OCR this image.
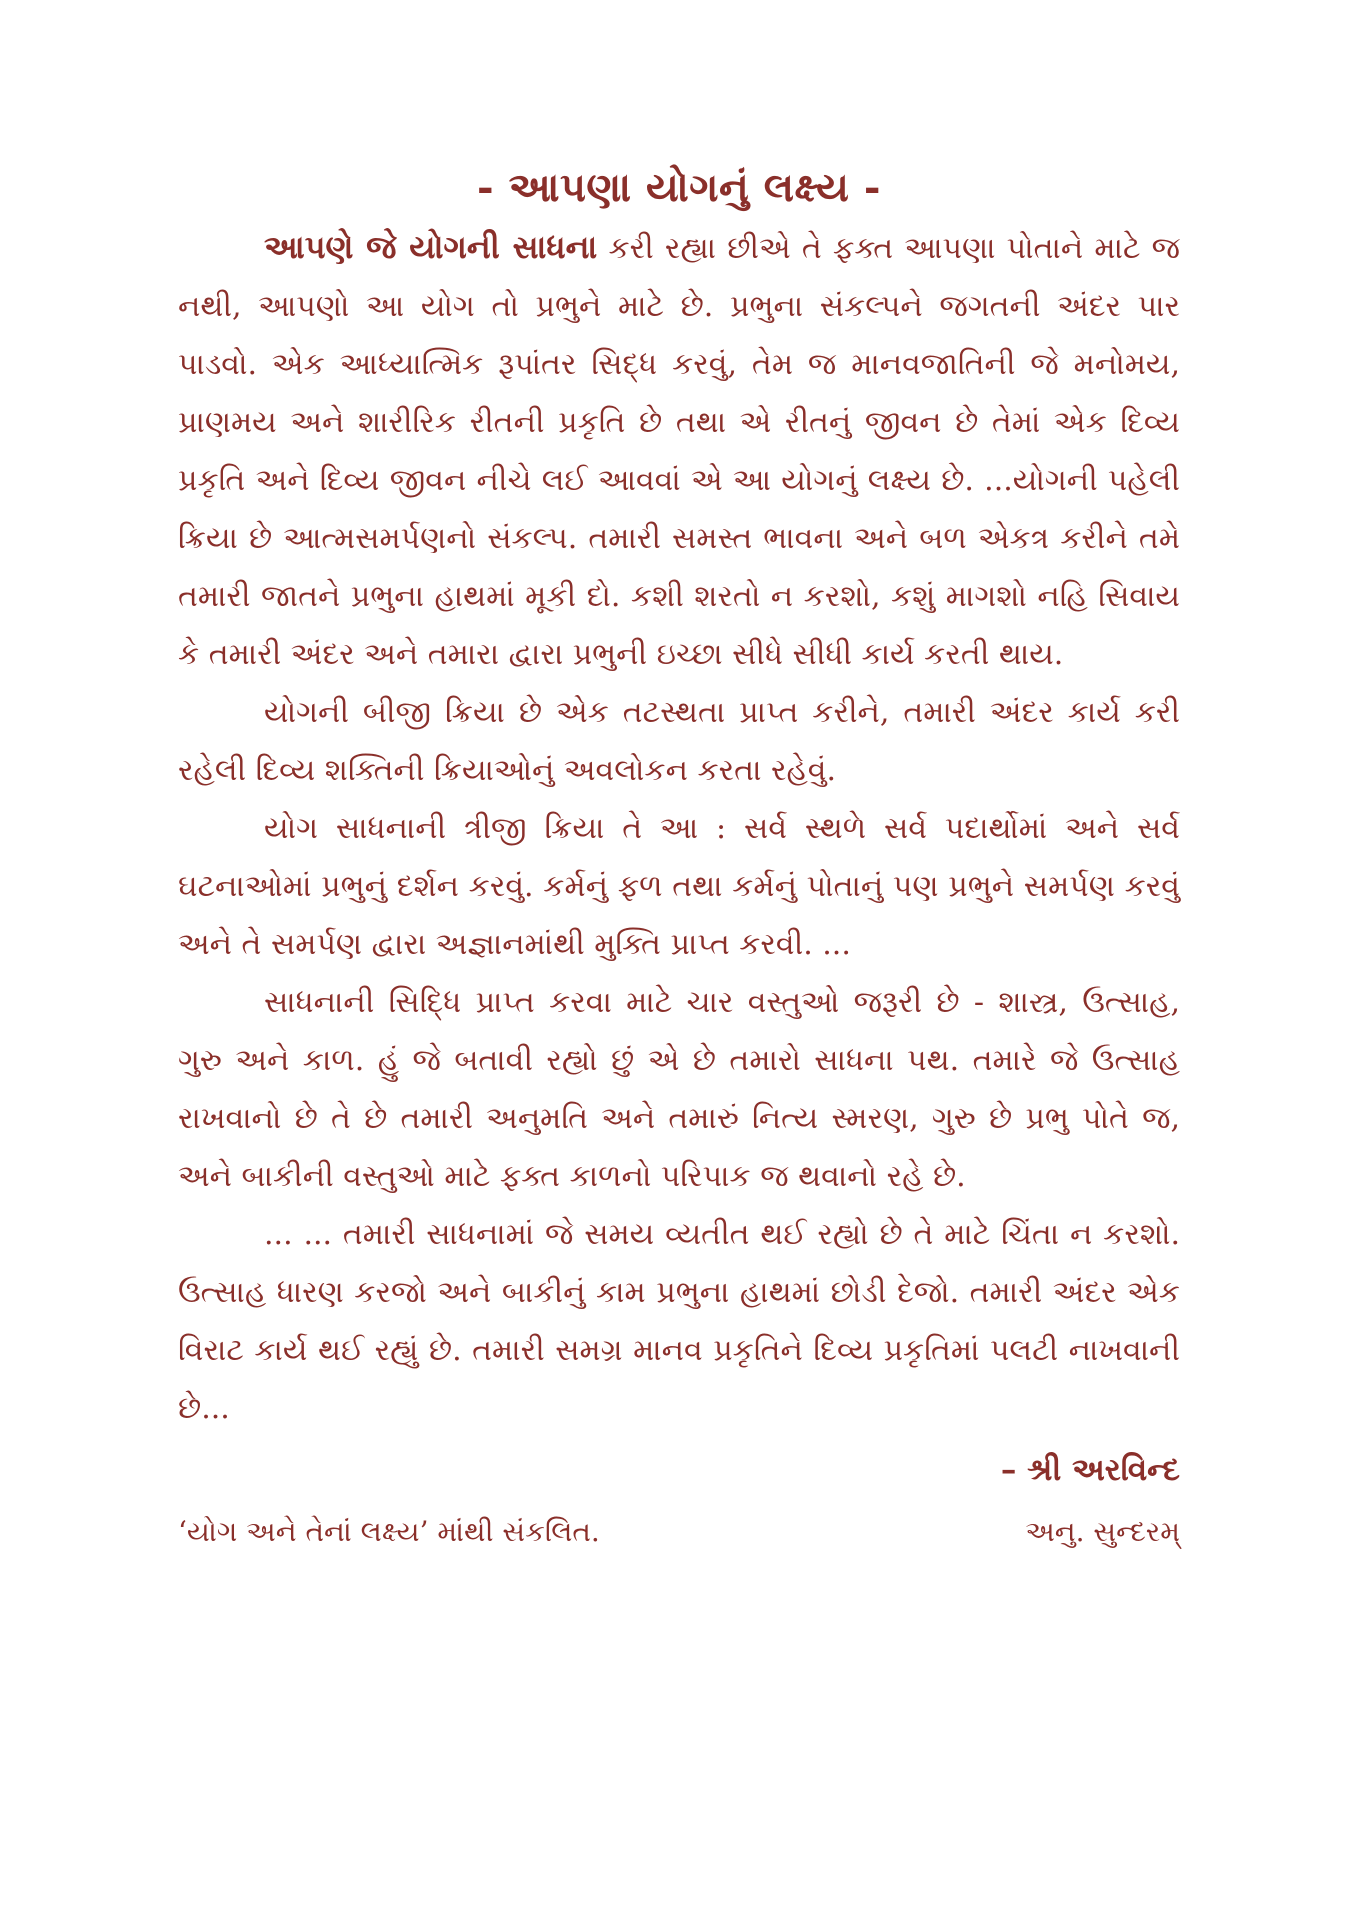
- આપણા યોગનું લક્ષ્ય -

આપણે જે યોગની સાધના કરી રહ્યા છીએ તે ફક્ત આપણા પોતાને માટે જ નથી, આપણો આ યોગ તો પ્રભુને માટે છે. પ્રભુના સંકલ્પને જગતની અંદર પાર પાડવો. એક આધ્યાત્મિક રૂપાંતર સિદ્ધ કરવું, તેમ જ માનવજાતિની જે મનોમય, પ્રાણમય અને શારીરિક રીતની પ્રકૃતિ છે તથા એ રીતનું જીવન છે તેમાં એક દિવ્ય પ્રકૃતિ અને દિવ્ય જીવન નીચે લઈ આવવાં એ આ યોગનું લક્ષ્ય છે. ...યોગની પહેલી ક્રિયા છે આત્મસમર્પણનો સંકલ્પ. તમારી સમસ્ત ભાવના અને બળ એકત્ર કરીને તમે તમારી જાતને પ્રભુના હાથમાં મૂકી દો. કશી શરતો ન કરશો, કશું માગશો નહિ સિવાય કે તમારી અંદર અને તમારા દ્વારા પ્રભુની ઇચ્છા સીધે સીધી કાર્ય કરતી થાય.

યોગની બીજી ક્રિયા છે એક તટસ્થતા પ્રાપ્ત કરીને, તમારી અંદર કાર્ય કરી રહેલી દિવ્ય શક્તિની ક્રિયાઓનું અવલોકન કરતા રહેવું.

યોગ સાધનાની ત્રીજી ક્રિયા તે આ : સર્વ સ્થળે સર્વ પદાર્થોમાં અને સર્વ ઘટનાઓમાં પ્રભુનું દર્શન કરવું. કર્મનું ફળ તથા કર્મનું પોતાનું પણ પ્રભુને સમર્પણ કરવું અને તે સમર્પણ દ્વારા અજ્ઞાનમાંથી મુક્તિ પ્રાપ્ત કરવી. ...

સાધનાની સિદ્ધિ પ્રાપ્ત કરવા માટે ચાર વસ્તુઓ જરૂરી છે - શાસ્ત્ર, ઉત્સાહ, ગુરુ અને કાળ. હું જે બતાવી રહ્યો છું એ છે તમારો સાધના પથ. તમારે જે ઉત્સાહ રાખવાનો છે તે છે તમારી અનુમતિ અને તમારું નિત્ય સ્મરણ, ગુરુ છે પ્રભુ પોતે જ, અને બાકીની વસ્તુઓ માટે ફક્ત કાળનો પરિપાક જ થવાનો રહે છે.

... ... તમારી સાધનામાં જે સમય વ્યતીત થઈ રહ્યો છે તે માટે ચિંતા ન કરશો. ઉત્સાહ ધારણ કરજો અને બાકીનું કામ પ્રભુના હાથમાં છોડી દેજો. તમારી અંદર એક વિરાટ કાર્ય થઈ રહ્યું છે. તમારી સમગ્ર માનવ પ્રકૃતિને દિવ્ય પ્રકૃતિમાં પલટી નાખવાની છે...

– શ્રી અરવિન્દ
‘યોગ અને તેનાં લક્ષ્ય’ માંથી સંકલિત.	અનુ. સુન્દરમ્
